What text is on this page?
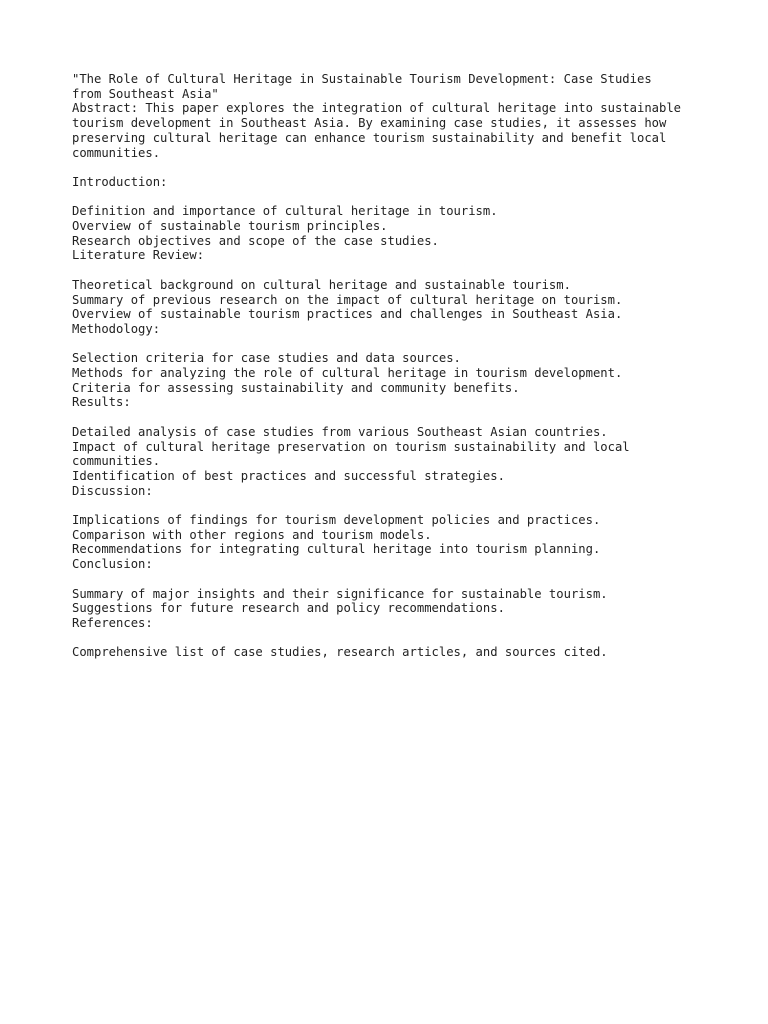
"The Role of Cultural Heritage in Sustainable Tourism Development: Case Studies
from Southeast Asia"
Abstract: This paper explores the integration of cultural heritage into sustainable
tourism development in Southeast Asia. By examining case studies, it assesses how
preserving cultural heritage can enhance tourism sustainability and benefit local
communities.
Introduction:
Definition and importance of cultural heritage in tourism.
Overview of sustainable tourism principles.
Research objectives and scope of the case studies.
Literature Review:
Theoretical background on cultural heritage and sustainable tourism.
Summary of previous research on the impact of cultural heritage on tourism.
Overview of sustainable tourism practices and challenges in Southeast Asia.
Methodology:
Selection criteria for case studies and data sources.
Methods for analyzing the role of cultural heritage in tourism development.
Criteria for assessing sustainability and community benefits.
Results:
Detailed analysis of case studies from various Southeast Asian countries.
Impact of cultural heritage preservation on tourism sustainability and local
communities.
Identification of best practices and successful strategies.
Discussion:
Implications of findings for tourism development policies and practices.
Comparison with other regions and tourism models.
Recommendations for integrating cultural heritage into tourism planning.
Conclusion:
Summary of major insights and their significance for sustainable tourism.
Suggestions for future research and policy recommendations.
References:
Comprehensive list of case studies, research articles, and sources cited.
